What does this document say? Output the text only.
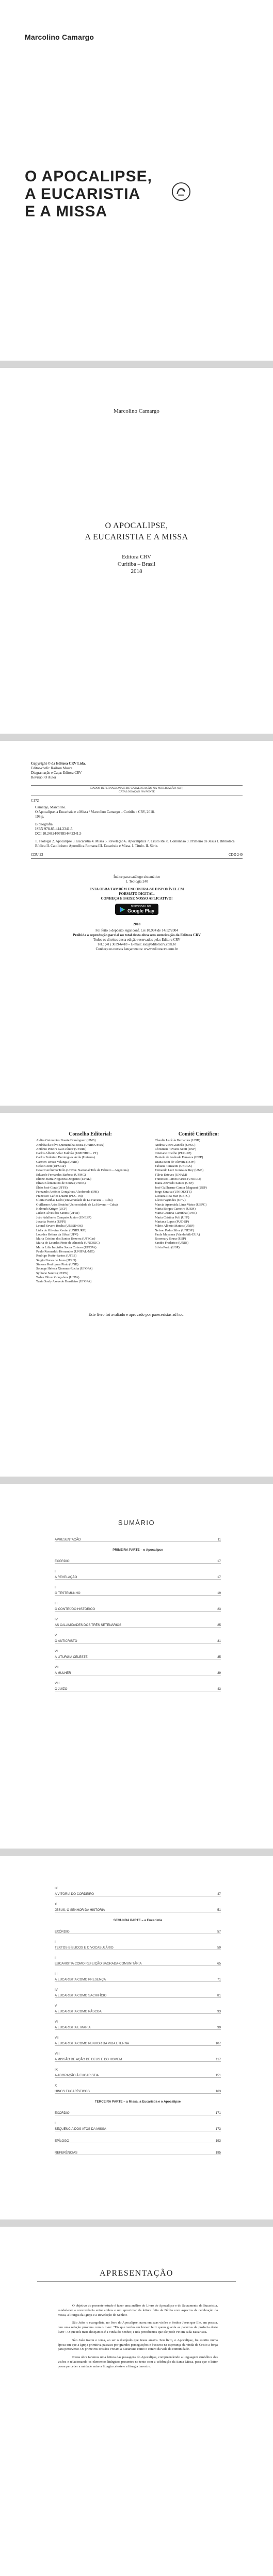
Marcolino Camargo
O APOCALIPSE,
A EUCARISTIA
E A MISSA
Marcolino Camargo
O APOCALIPSE,
A EUCARISTIA E A MISSA
Editora CRV
Curitiba – Brasil
2018
Copyright © da Editora CRV Ltda.
Editor-chefe: Railson Moura
Diagramação e Capa: Editora CRV
Revisão: O Autor
DADOS INTERNACIONAIS DE CATALOGAÇÃO NA PUBLICAÇÃO (CIP)
CATALOGAÇÃO NA FONTE
C172
Camargo, Marcolino.
O Apocalipse, a Eucaristia e a Missa / Marcolino Camargo – Curitiba : CRV, 2018.
198 p.
Bibliografia
ISBN 978-85-444-2341-5
DOI 10.24824/978854442341.5
1. Teologia 2. Apocalipse 3. Eucaristia 4. Missa 5. Revelação 6. Apocalíptica 7. Cristo Rei 8. Comunhão 9. Primeiro de Jesus I. Biblioteca Bíblica II. Catolicismo Apostólica Romana III. Eucaristia e Missa. I. Título. II. Série.
CDU 23	CDD 240
Índice para catálogo sistemático
1. Teologia 240
ESTA OBRA TAMBÉM ENCONTRA-SE DISPONÍVEL EM
FORMATO DIGITAL.
CONHEÇA E BAIXE NOSSO APLICATIVO!
DISPONÍVEL NO
Google Play
2018
Foi feito o depósito legal conf. Lei 10.994 de 14/12/2004
Proibida a reprodução parcial ou total desta obra sem autorização da Editora CRV
Todos os direitos desta edição reservados pela: Editora CRV
Tel.: (41) 3039-6418 – E-mail: sac@editoracrv.com.br
Conheça os nossos lançamentos: www.editoracrv.com.br
Conselho Editorial:
Aldira Guimarães Duarte Domínguez (UNB)
Andréia da Silva Quintanilha Sousa (UNIR/UFRN)
Antônio Pereira Gaio Júnior (UFRRJ)
Carlos Alberto Vilar Estêvão (UMINHO – PT)
Carlos Federico Dominguez Avila (Unieuro)
Carmen Tereza Velanga (UNIR)
Celso Conti (UFSCar)
Cesar Gerónimo Tello (Univer. Nacional Três de Febrero – Argentina)
Eduardo Fernandes Barbosa (UFMG)
Elione Maria Nogueira Diogenes (UFAL)
Elizeu Clementino de Souza (UNEB)
Élsio José Corá (UFFS)
Fernando Antônio Gonçalves Alcoforado (IPB)
Francisco Carlos Duarte (PUC-PR)
Gloria Fariñas León (Universidade de La Havana – Cuba)
Guillermo Arias Beatón (Universidade de La Havana – Cuba)
Helmuth Krüger (UCP)
Jailson Alves dos Santos (UFRJ)
João Adalberto Campato Junior (UNESP)
Josania Portela (UFPI)
Leonel Severo Rocha (UNISINOS)
Lídia de Oliveira Xavier (UNIEURO)
Lourdes Helena da Silva (UFV)
Maria Cristina dos Santos Bezerra (UFSCar)
Maria de Lourdes Pinto de Almeida (UNOESC)
Maria Lília Imbiriba Sousa Colares (UFOPA)
Paulo Romualdo Hernandes (UNIFAL-MG)
Rodrigo Pratte-Santos (UFES)
Sérgio Nunes de Jesus (IFRO)
Simone Rodrigues Pinto (UNB)
Solange Helena Ximenes-Rocha (UFOPA)
Sydione Santos (UEPG)
Tadeu Oliver Gonçalves (UFPA)
Tania Suely Azevedo Brasileiro (UFOPA)
Comitê Científico:
Claudia Lucíola Bernardes (UNB)
Andrea Vieira Zanella (UFSC)
Christiane Tavares Scott (USP)
Cristiane Coelho (PUC-SP)
Daniele de Andrade Ferrazza (IEPP)
Diana Boni de Oliveira (IEPP)
Fabiana Tamazini (UFRGS)
Fernando Luiz Gonzalez Rey (UNB)
Flávia Esteves (UNAM)
Francisco Ramos Farias (UNIRIO)
Joana Azevedo Santos (USP)
José Guilherme Cantor Magnani (USP)
Jorge Saraiva (UNIOESTE)
Luciana Rita Mar (UEPG)
Lúcio Fagundes (UFV)
Marcia Aparecida Lima Vieira (UEPG)
Maria Borges Carneiro (UEM)
Maria Cristina Caminha (IPPA)
Maria Cristina Poli (UFF)
Mariana Lopes (PUC-SP)
Mário Alberto Mattos (UNIP)
Nelson Pedro Silva (UNESP)
Paula Mayanna (Vanderbilt-EUA)
Rosemary Sousa (USP)
Sandra Frederico (UNIB)
Silvia Porto (USP)
Este livro foi avaliado e aprovado por pareceristas ad hoc.
SUMÁRIO
APRESENTAÇÃO	11
PRIMEIRA PARTE – o Apocalipse
EXÓRDIO	17
I
A REVELAÇÃO	17
II
O TESTEMUNHO	19
III
O CONTEÚDO HISTÓRICO	23
IV
AS CALAMIDADES DOS TRÊS SETENÁRIOS	25
V
O ANTICRISTO	31
VI
A LITURGIA CELESTE	35
VII
A MULHER	39
VIII
O JUÍZO	43
IX
A VITÓRIA DO CORDEIRO	47
X
JESUS, O SENHOR DA HISTÓRIA	51
SEGUNDA PARTE – a Eucaristia
EXÓRDIO	57
I
TEXTOS BÍBLICOS E O VOCABULÁRIO	59
II
EUCARISTIA COMO REFEIÇÃO SAGRADA-COMUNITÁRIA	65
III
A EUCARISTIA COMO PRESENÇA	71
IV
A EUCARISTIA COMO SACRIFÍCIO	81
V
A EUCARISTIA COMO PÁSCOA	93
VI
A EUCARISTIA E MARIA	99
VII
A EUCARISTIA COMO PENHOR DA VIDA ETERNA	107
VIII
A MISSÃO DE AÇÃO DE DEUS E DO HOMEM	117
IX
A ADORAÇÃO À EUCARISTIA	151
X
HINOS EUCARÍSTICOS	163
TERCEIRA PARTE – a Missa, a Eucaristia e o Apocalipse
EXÓRDIO	171
I
SEQUÊNCIA DOS ATOS DA MISSA	173
EPÍLOGO	193
REFERÊNCIAS	195
APRESENTAÇÃO

O objetivo do presente estudo é fazer uma análise do Livro do Apocalipse e do Sacramento da Eucaristia, estabelecer a concorrência entre ambos e um aproximar da leitura feita da Bíblia com aspectos da celebração da missa, a liturgia da Igreja e a Revelação do Senhor.

São João, o evangelista, no livro do Apocalipse, narra em suas visões o Senhor Jesus que Ele, em pessoa, tem uma relação próxima com o livro: "Eis que venho em breve: feliz quem guarda as palavras da profecia deste livro". O que nós mais desejamos é a vinda do Senhor, e nós percebemos que ele pode vir em cada Eucaristia.

São João tratou o tema, ao ser o discípulo que Jesus amava. Seu livro, o Apocalipse, foi escrito numa época em que a Igreja primitiva passava por grandes perseguições e buscava na esperança da vinda de Cristo a força para perseverar. Os primeiros cristãos viviam a Eucaristia como o centro da vida da comunidade.

Nesta obra faremos uma leitura das passagens do Apocalipse, compreendendo a linguagem simbólica das visões e relacionando os elementos litúrgicos presentes no texto com a celebração da Santa Missa, para que o leitor possa perceber a unidade entre a liturgia celeste e a liturgia terrestre.
